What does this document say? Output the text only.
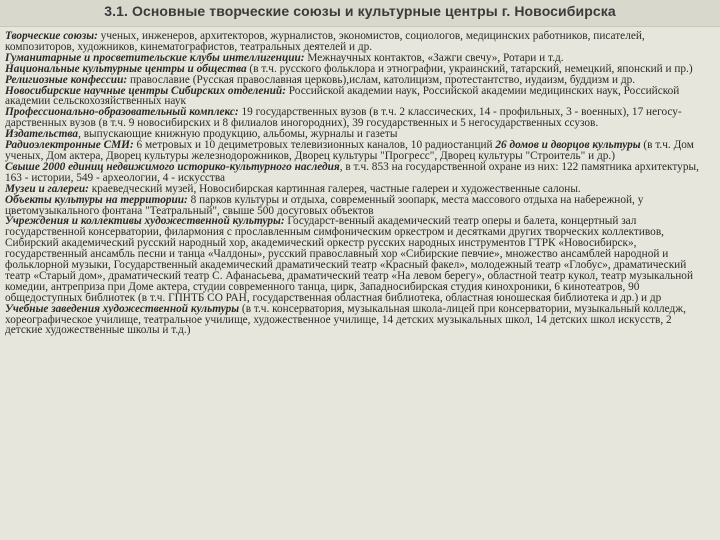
3.1. Основные творческие союзы и культурные центры г. Новосибирска

Творческие союзы: ученых, инженеров, архитекторов, журналистов, экономистов, социологов, медицинских работников, писателей, композиторов, художников, кинематографистов, театральных деятелей и др.

Гуманитарные и просветительские клубы интеллигенции: Межнаучных контактов, «Зажги свечу», Ротари и т.д.

Национальные культурные центры и общества (в т.ч. русского фольклора и этнографии, украинский, татарский, немецкий, японский и пр.)

Религиозные конфессии: православие (Русская православная церковь),ислам, католицизм, протестантство, иудаизм, буддизм и др.

Новосибирские научные центры Сибирских отделений: Российской академии наук, Российской академии медицинских наук, Российской академии сельскохозяйственных наук

Профессионально-образовательный комплекс: 19 государственных вузов (в т.ч. 2 классических, 14 - профильных, 3 - военных), 17 негосу- дарственных вузов (в т.ч. 9 новосибирских и 8 филиалов иногородних), 39 государственных и 5 негосударственных ссузов.

Издательства, выпускающие книжную продукцию, альбомы, журналы и газеты

Радиоэлектронные СМИ: 6 метровых и 10 дециметровых телевизионных каналов, 10 радиостанций 26 домов и дворцов культуры (в т.ч. Дом ученых, Дом актера, Дворец культуры железнодорожников, Дворец культуры "Прогресс", Дворец культуры "Строитель" и др.)

Свыше 2000 единиц недвижимого историко-культурного наследия, в т.ч. 853 на государственной охране из них: 122 памятника архитектуры, 163 - истории, 549 - археологии, 4 - искусства

Музеи и галереи: краеведческий музей, Новосибирская картинная галерея, частные галереи и художественные салоны.

Объекты культуры на территории: 8 парков культуры и отдыха, современный зоопарк, места массового отдыха на набережной, у цветомузыкального фонтана "Театральный", свыше 500 досуговых объектов

Учреждения и коллективы художественной культуры: Государст-венный академический театр оперы и балета, концертный зал государственной консерватории, филармония с прославленным симфоническим оркестром и десятками других творческих коллективов, Сибирский академический русский народный хор, академический оркестр русских народных инструментов ГТРК «Новосибирск», государственный ансамбль песни и танца «Чалдоны», русский православный хор «Сибирские певчие», множество ансамблей народной и фольклорной музыки, Государственный академический драматический театр «Красный факел», молодежный театр «Глобус», драматический театр «Старый дом», драматический театр С. Афанасьева, драматический театр «На левом берегу», областной театр кукол, театр музыкальной комедии, антреприза при Доме актера, студии современного танца, цирк, Западносибирская студия кинохроники, 6 кинотеатров, 90 общедоступных библиотек (в т.ч. ГПНТБ СО РАН, государственная областная библиотека, областная юношеская библиотека и др.) и др

Учебные заведения художественной культуры (в т.ч. консерватория, музыкальная школа-лицей при консерватории, музыкальный колледж, хореографическое училище, театральное училище, художественное училище, 14 детских музыкальных школ, 14 детских школ искусств, 2 детские художественные школы и т.д.)
